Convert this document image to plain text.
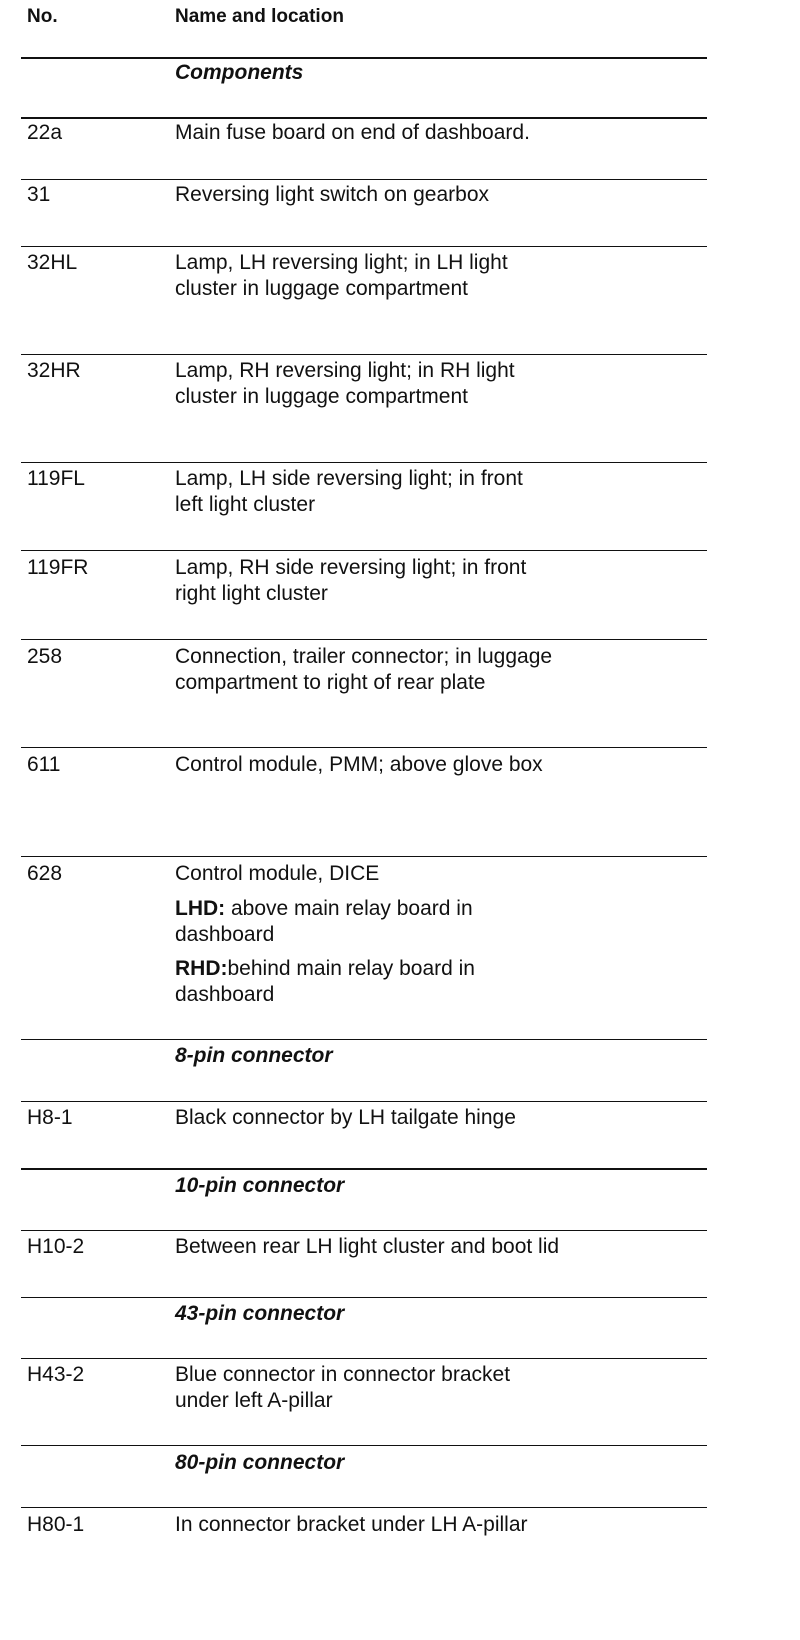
No.	Name and location
Components
22a	Main fuse board on end of dashboard.
31	Reversing light switch on gearbox
32HL	Lamp, LH reversing light; in LH light
cluster in luggage compartment
32HR	Lamp, RH reversing light; in RH light
cluster in luggage compartment
119FL	Lamp, LH side reversing light; in front
left light cluster
119FR	Lamp, RH side reversing light; in front
right light cluster
258	Connection, trailer connector; in luggage
compartment to right of rear plate
611	Control module, PMM; above glove box
628	Control module, DICE
LHD: above main relay board in
dashboard
RHD:behind main relay board in
dashboard
8-pin connector
H8-1	Black connector by LH tailgate hinge
10-pin connector
H10-2	Between rear LH light cluster and boot lid
43-pin connector
H43-2	Blue connector in connector bracket
under left A-pillar
80-pin connector
H80-1	In connector bracket under LH A-pillar
